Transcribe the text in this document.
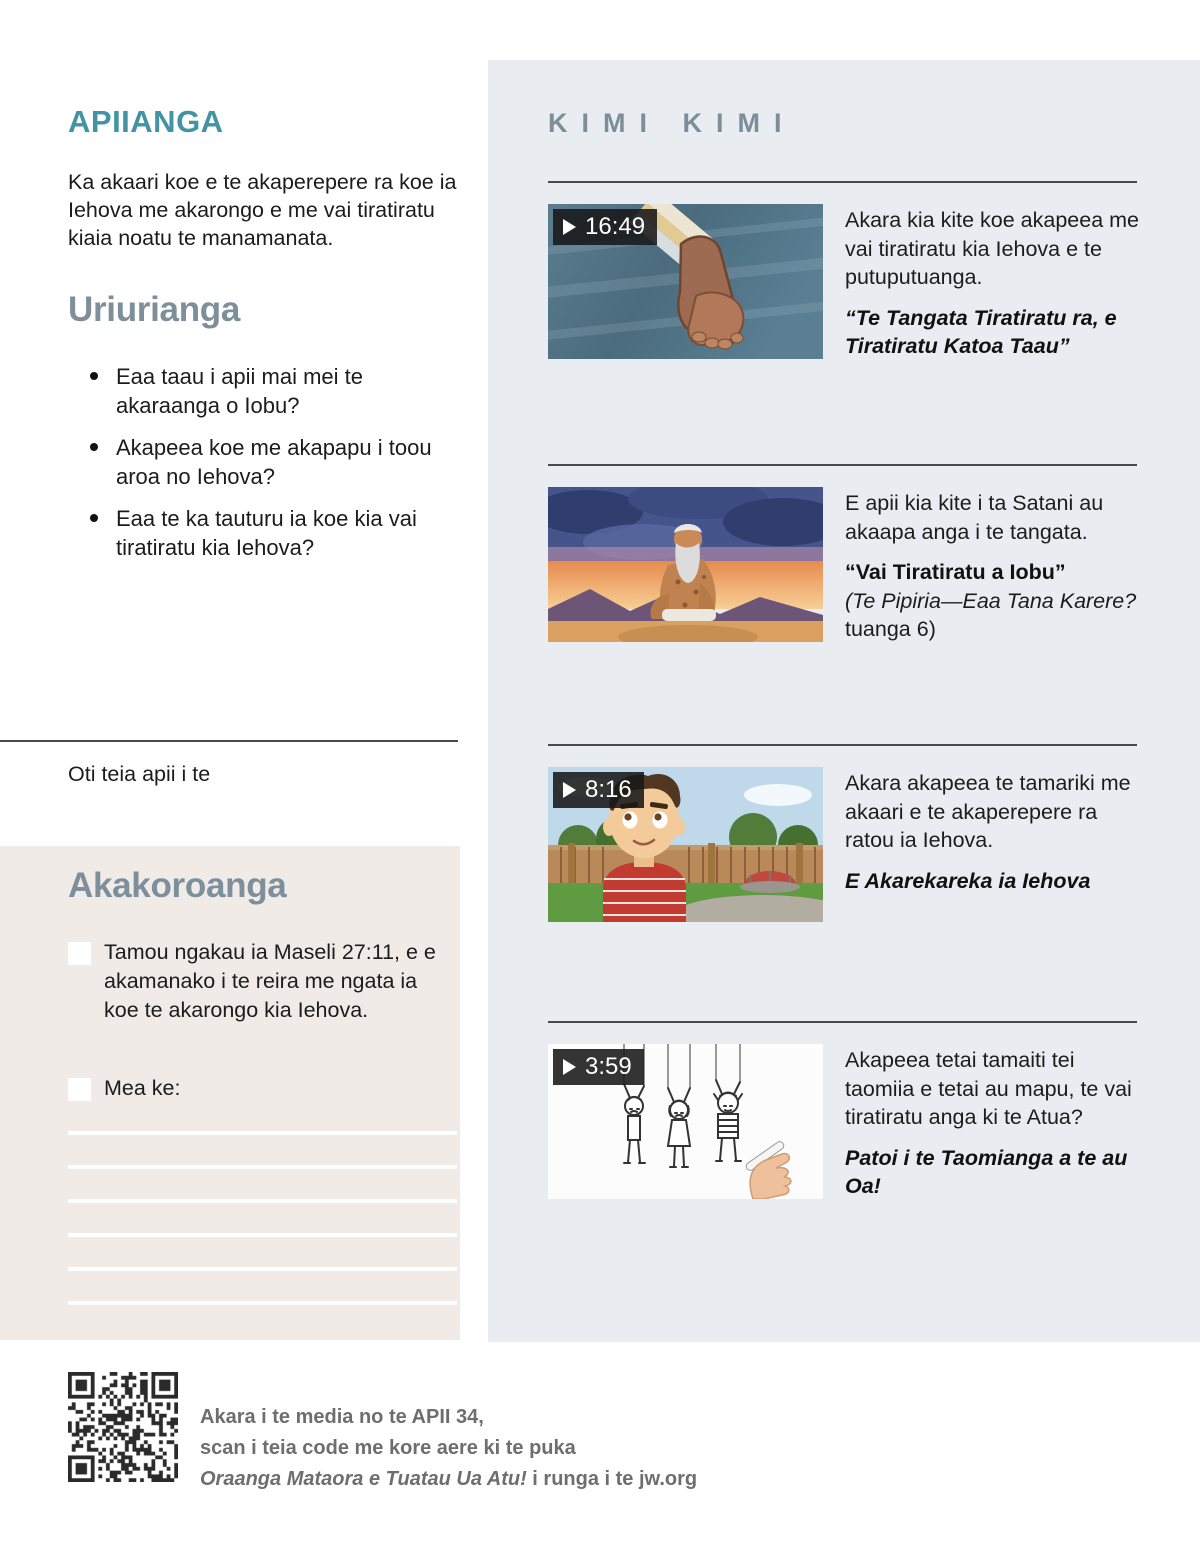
APIIANGA
Ka akaari koe e te akaperepere ra koe ia Iehova me akarongo e me vai tiratiratu kiaia noatu te manamanata.
Uriurianga
Eaa taau i apii mai mei te akaraanga o Iobu?
Akapeea koe me akapapu i toou aroa no Iehova?
Eaa te ka tauturu ia koe kia vai tiratiratu kia Iehova?
Oti teia apii i te
Akakoroanga
Tamou ngakau ia Maseli 27:11, e e akamanako i te reira me ngata ia koe te akarongo kia Iehova.
Mea ke:
Akara i te media no te APII 34,
scan i teia code me kore aere ki te puka
Oraanga Mataora e Tuatau Ua Atu! i runga i te jw.org
KIMI KIMI
16:49	Akara kia kite koe akapeea me vai tiratiratu kia Iehova e te putuputuanga.

“Te Tangata Tiratiratu ra, e Tiratiratu Katoa Taau”

E apii kia kite i ta Satani au akaapa anga i te tangata.

“Vai Tiratiratu a Iobu”

(Te Pipiria—Eaa Tana Karere?
tuanga 6)

8:16	Akara akapeea te tamariki me akaari e te akaperepere ra ratou ia Iehova.

E Akarekareka ia Iehova

3:59	Akapeea tetai tamaiti tei taomiia e tetai au mapu, te vai tiratiratu anga ki te Atua?

Patoi i te Taomianga a te au Oa!
